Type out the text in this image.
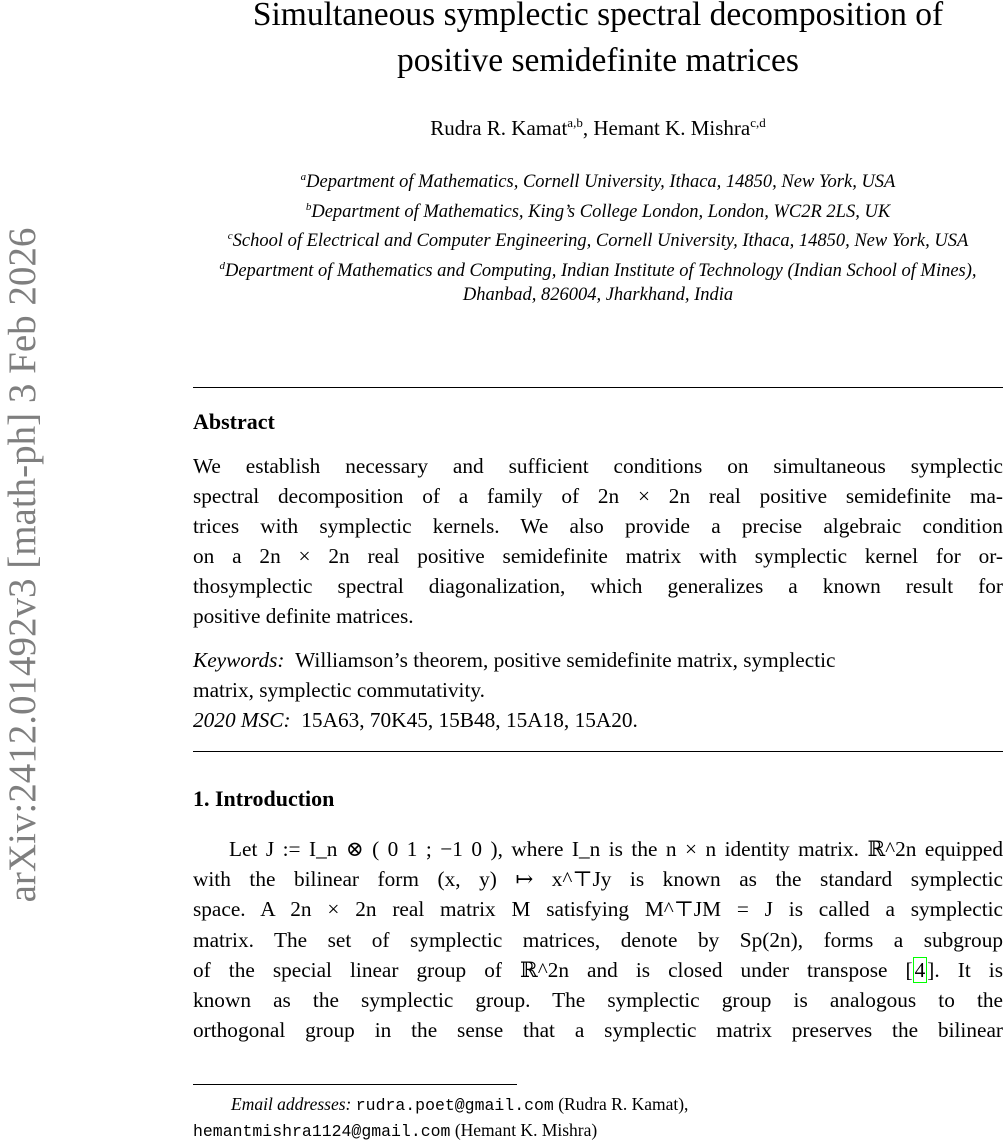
arXiv:2412.01492v3 [math-ph] 3 Feb 2026
Simultaneous symplectic spectral decomposition of
positive semidefinite matrices
Rudra R. Kamat$^{a,b}$, Hemant K. Mishra$^{c,d}$
$^a$Department of Mathematics, Cornell University, Ithaca, 14850, New York, USA
$^b$Department of Mathematics, King’s College London, London, WC2R 2LS, UK
$^c$School of Electrical and Computer Engineering, Cornell University, Ithaca, 14850, New York, USA
$^d$Department of Mathematics and Computing, Indian Institute of Technology (Indian School of Mines), Dhanbad, 826004, Jharkhand, India
Abstract
We establish necessary and sufficient conditions on simultaneous symplectic
spectral decomposition of a family of 2n × 2n real positive semidefinite ma-
trices with symplectic kernels. We also provide a precise algebraic condition
on a 2n × 2n real positive semidefinite matrix with symplectic kernel for or-
thosymplectic spectral diagonalization, which generalizes a known result for
positive definite matrices.
Keywords: Williamson’s theorem, positive semidefinite matrix, symplectic
matrix, symplectic commutativity.
2020 MSC: 15A63, 70K45, 15B48, 15A18, 15A20.
1. Introduction
Let J := I_n ⊗ ( 0 1 ; −1 0 ), where I_n is the n × n identity matrix. ℝ^2n equipped
with the bilinear form (x, y) ↦ x^⊤Jy is known as the standard symplectic
space. A 2n × 2n real matrix M satisfying M^⊤JM = J is called a symplectic
matrix. The set of symplectic matrices, denote by Sp(2n), forms a subgroup
of the special linear group of ℝ^2n and is closed under transpose [4]. It is
known as the symplectic group. The symplectic group is analogous to the
orthogonal group in the sense that a symplectic matrix preserves the bilinear
Email addresses: rudra.poet@gmail.com (Rudra R. Kamat),
hemantmishra1124@gmail.com (Hemant K. Mishra)
